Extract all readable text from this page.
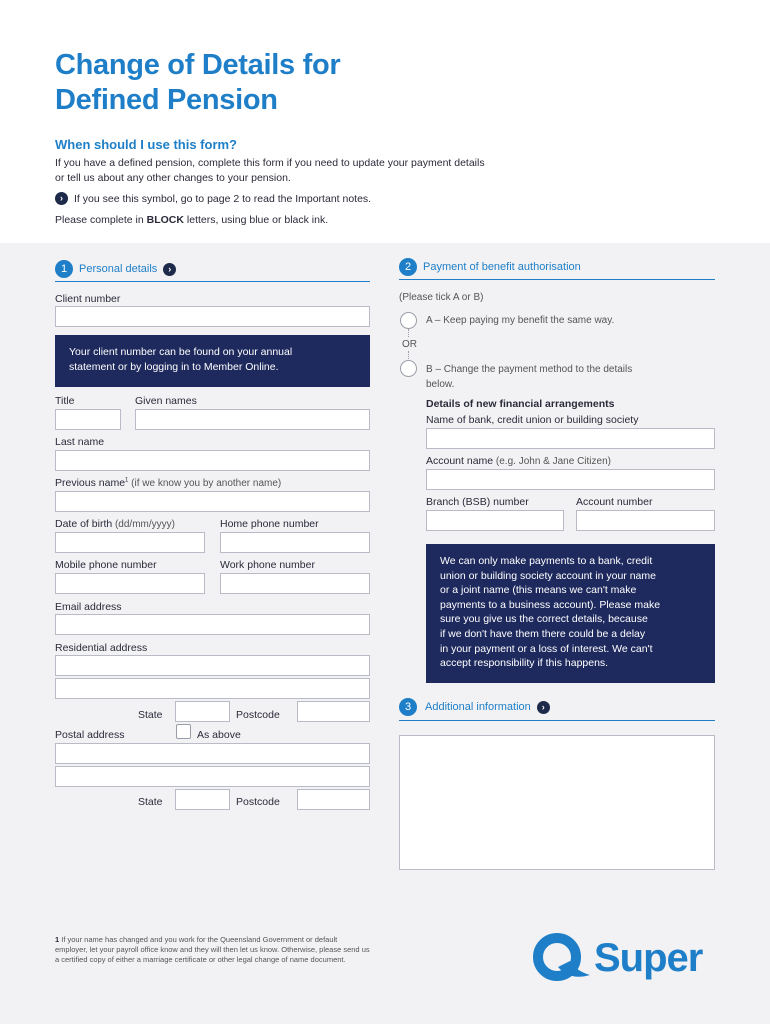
Change of Details for
Defined Pension
When should I use this form?
If you have a defined pension, complete this form if you need to update your payment details
or tell us about any other changes to your pension.
›	If you see this symbol, go to page 2 to read the Important notes.
Please complete in BLOCK letters, using blue or black ink.
1	Personal details	›
Client number
Your client number can be found on your annual
statement or by logging in to Member Online.
Title	Given names
Last name
Previous name$^1$ (if we know you by another name)
Date of birth (dd/mm/yyyy)	Home phone number
Mobile phone number	Work phone number
Email address
Residential address
State	Postcode
Postal address	As above
State	Postcode
2	Payment of benefit authorisation
(Please tick A or B)
A – Keep paying my benefit the same way.
OR
B – Change the payment method to the details
below.
Details of new financial arrangements
Name of bank, credit union or building society
Account name (e.g. John & Jane Citizen)
Branch (BSB) number	Account number
We can only make payments to a bank, credit
union or building society account in your name
or a joint name (this means we can't make
payments to a business account). Please make
sure you give us the correct details, because
if we don't have them there could be a delay
in your payment or a loss of interest. We can't
accept responsibility if this happens.
3	Additional information	›
1 If your name has changed and you work for the Queensland Government or default employer, let your payroll office know and they will then let us know. Otherwise, please send us a certified copy of either a marriage certificate or other legal change of name document.	Super
